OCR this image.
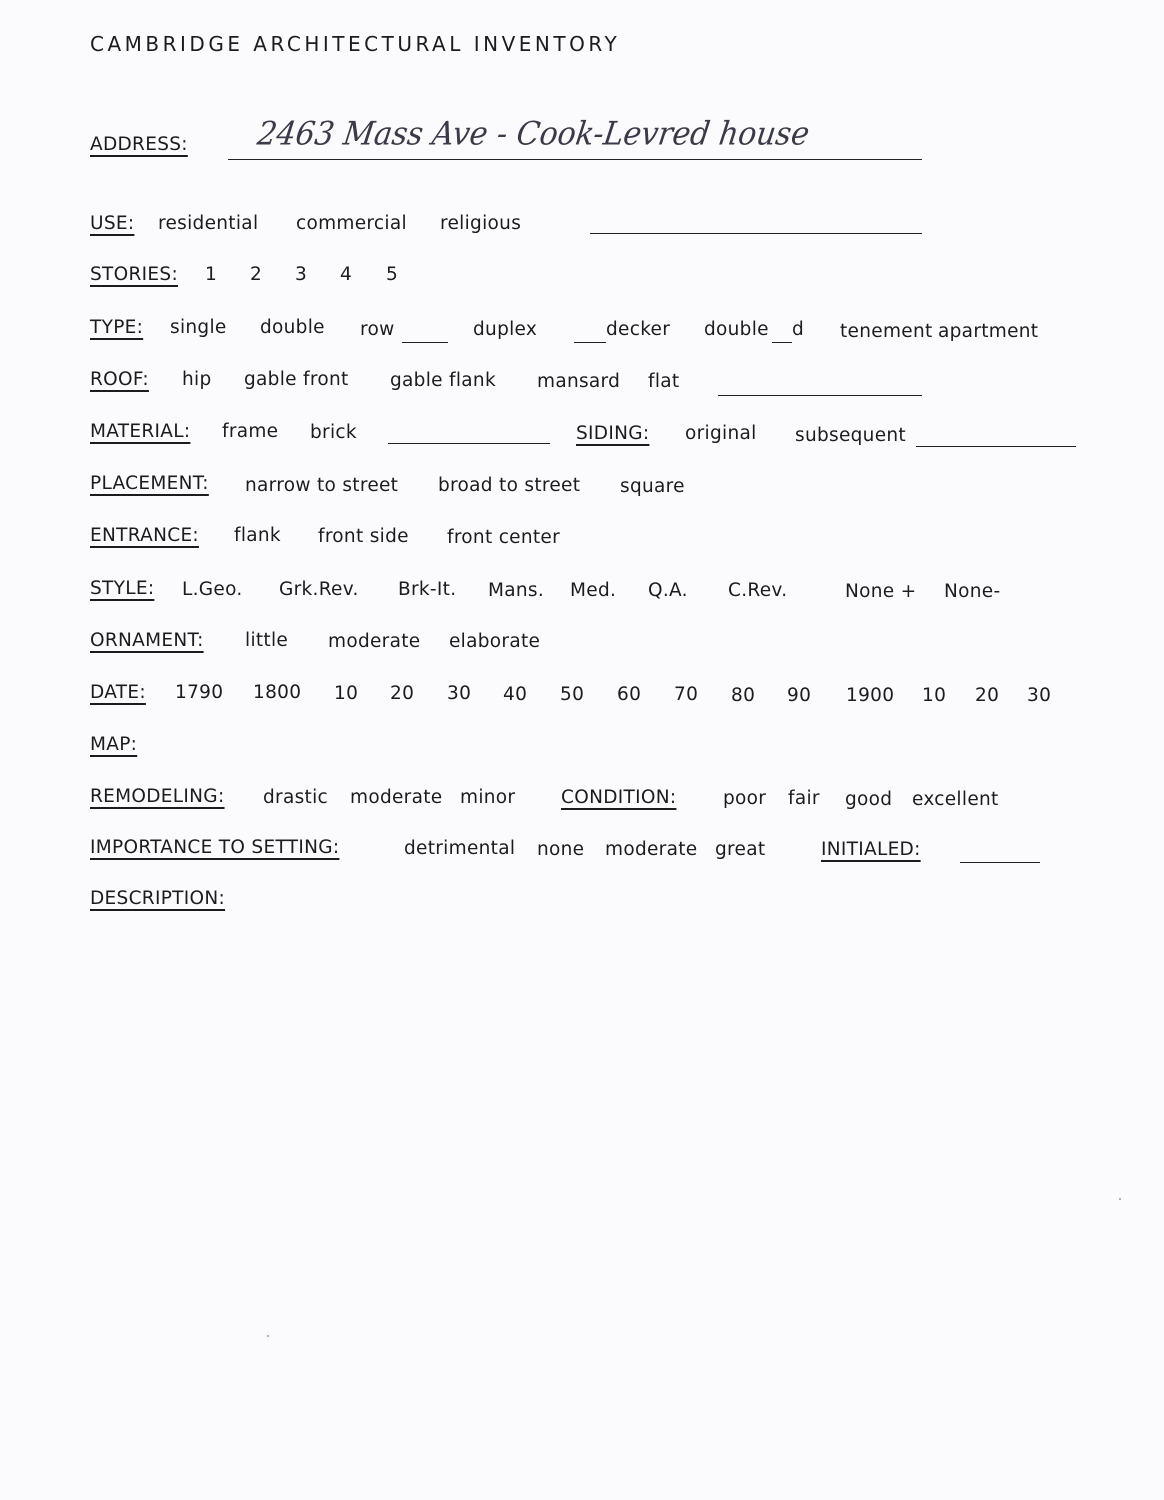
CAMBRIDGE ARCHITECTURAL INVENTORY
ADDRESS: 2463 Mass Ave - Cook-Levred house
USE: residential commercial religious
STORIES: 1 2 3 4 5
TYPE: single double row	duplex	decker double d tenement apartment
ROOF: hip gable front gable flank mansard flat
MATERIAL: frame brick	SIDING: original subsequent
PLACEMENT: narrow to street broad to street square
ENTRANCE: flank front side front center
STYLE: L.Geo. Grk.Rev. Brk-It. Mans. Med. Q.A. C.Rev.	None + None-
ORNAMENT: little moderate elaborate
DATE: 1790 1800 10 20 30 40 50 60 70 80 90 1900 10 20 30
MAP:
REMODELING: drastic moderate minor CONDITION:	poor fair good excellent
IMPORTANCE TO SETTING:	detrimental none moderate great	INITIALED:
DESCRIPTION:
